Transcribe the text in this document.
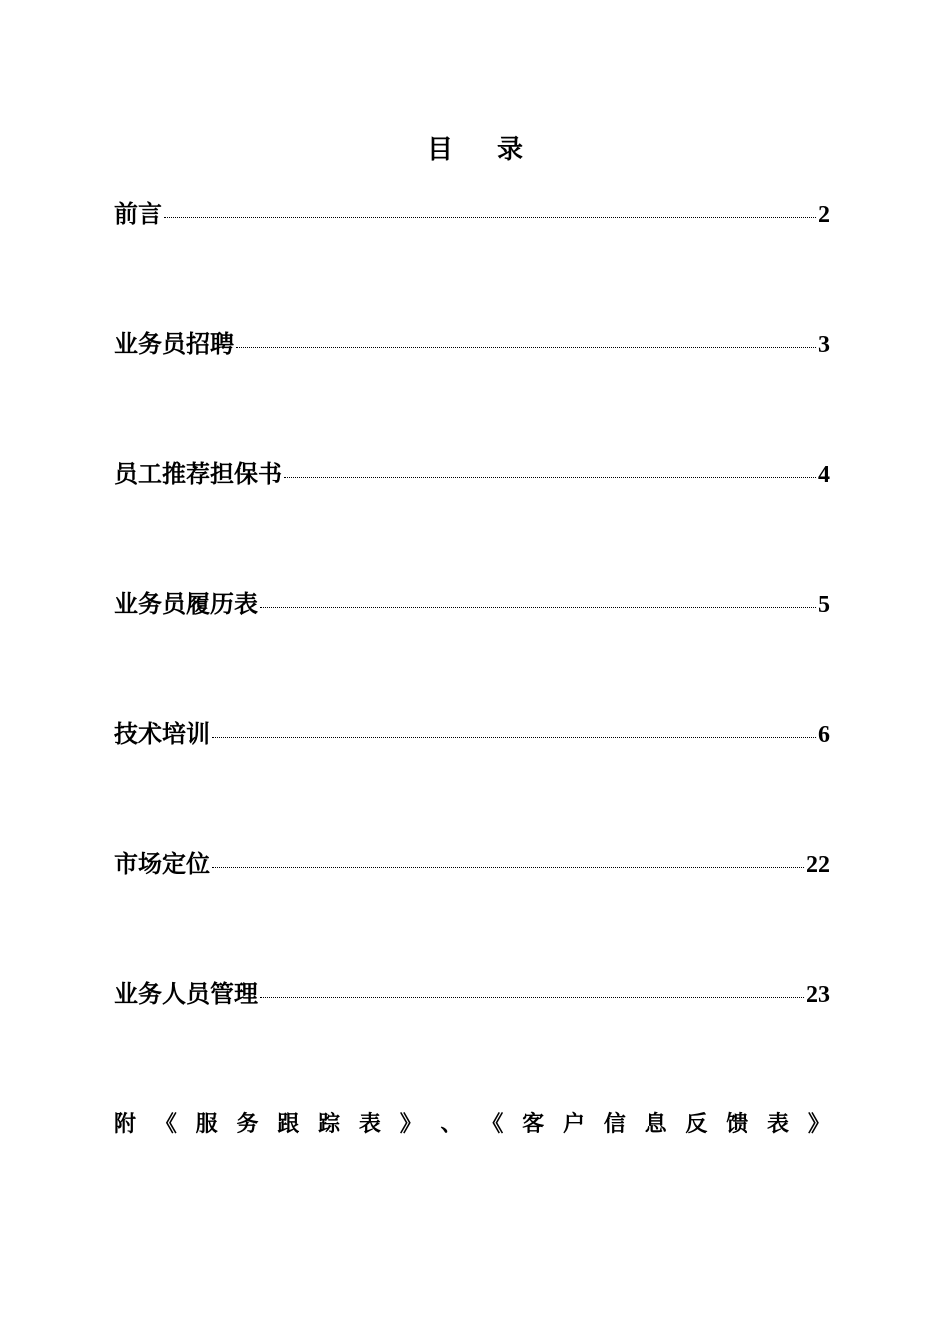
目录
前言	2
业务员招聘	3
员工推荐担保书	4
业务员履历表	5
技术培训	6
市场定位	22
业务人员管理	23
附 《 服 务 跟 踪 表 》 、 《 客 户 信 息 反 馈 表 》
